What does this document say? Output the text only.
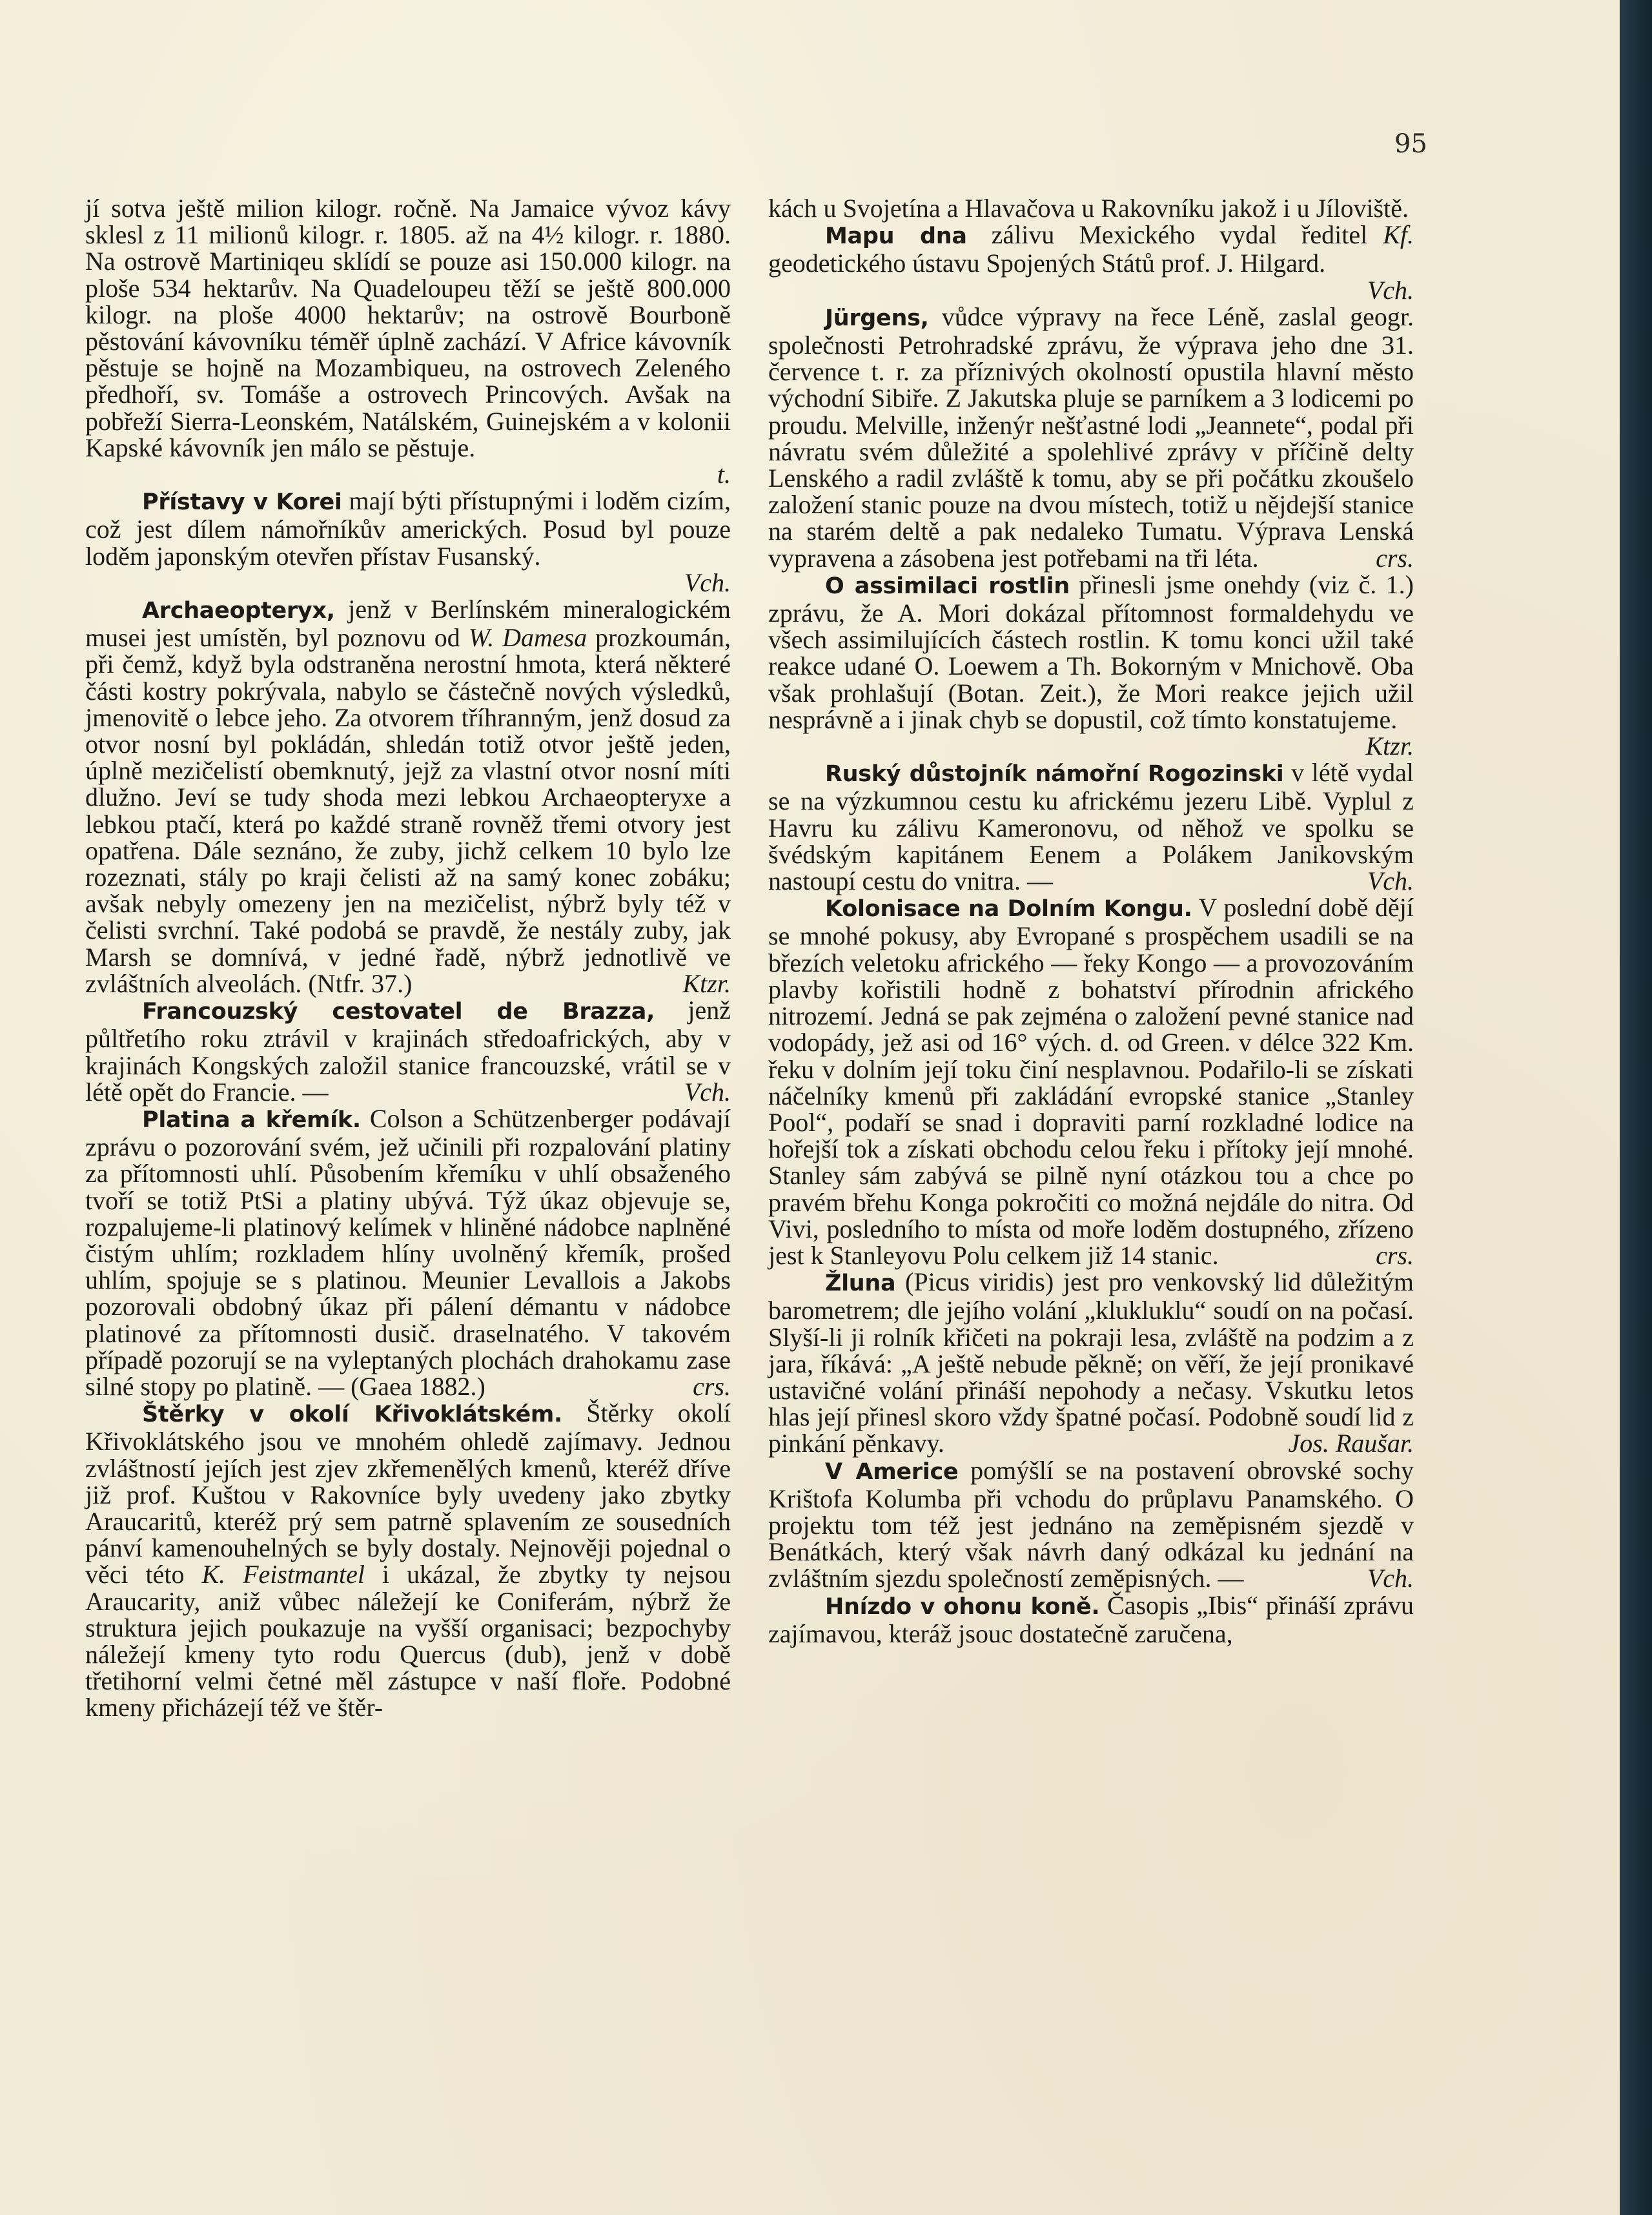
95

jí sotva ještě milion kilogr. ročně. Na Jamaice vývoz kávy sklesl z 11 milionů kilogr. r. 1805. až na 4½ kilogr. r. 1880. Na ostrově Martiniqeu sklídí se pouze asi 150.000 kilogr. na ploše 534 hektarův. Na Quadeloupeu těží se ještě 800.000 kilogr. na ploše 4000 hektarův; na ostrově Bourboně pěstování kávovníku téměř úplně zachází. V Africe kávovník pěstuje se hojně na Mozambiqueu, na ostrovech Zeleného předhoří, sv. Tomáše a ostrovech Princových. Avšak na pobřeží Sierra-Leonském, Natálském, Guinejském a v kolonii Kapské kávovník jen málo se pěstuje.

t.

Přístavy v Korei mají býti přístupnými i loděm cizím, což jest dílem námořníkův amerických. Posud byl pouze loděm japonským otevřen přístav Fusanský.

Vch.

Archaeopteryx, jenž v Berlínském mineralogickém musei jest umístěn, byl poznovu od W. Damesa prozkoumán, při čemž, když byla odstraněna nerostní hmota, která některé části kostry pokrývala, nabylo se částečně nových výsledků, jmenovitě o lebce jeho. Za otvorem tříhranným, jenž dosud za otvor nosní byl pokládán, shledán totiž otvor ještě jeden, úplně mezičelistí obemknutý, jejž za vlastní otvor nosní míti dlužno. Jeví se tudy shoda mezi lebkou Archaeopteryxe a lebkou ptačí, která po každé straně rovněž třemi otvory jest opatřena. Dále seznáno, že zuby, jichž celkem 10 bylo lze rozeznati, stály po kraji čelisti až na samý konec zobáku; avšak nebyly omezeny jen na mezičelist, nýbrž byly též v čelisti svrchní. Také podobá se pravdě, že nestály zuby, jak Marsh se domnívá, v jedné řadě, nýbrž jednotlivě ve zvláštních alveolách. (Ntfr. 37.)	Ktzr.

Francouzský cestovatel de Brazza, jenž půltřetího roku ztrávil v krajinách středoafrických, aby v krajinách Kongských založil stanice francouzské, vrátil se v létě opět do Francie. —	Vch.

Platina a křemík. Colson a Schützenberger podávají zprávu o pozorování svém, jež učinili při rozpalování platiny za přítomnosti uhlí. Působením křemíku v uhlí obsaženého tvoří se totiž PtSi a platiny ubývá. Týž úkaz objevuje se, rozpalujeme-li platinový kelímek v hliněné nádobce naplněné čistým uhlím; rozkladem hlíny uvolněný křemík, prošed uhlím, spojuje se s platinou. Meunier Levallois a Jakobs pozorovali obdobný úkaz při pálení démantu v nádobce platinové za přítomnosti dusič. draselnatého. V takovém případě pozorují se na vyleptaných plochách drahokamu zase silné stopy po platině. — (Gaea 1882.)	crs.

Štěrky v okolí Křivoklátském. Štěrky okolí Křivoklátského jsou ve mnohém ohledě zajímavy. Jednou zvláštností jejích jest zjev zkřemenělých kmenů, kteréž dříve již prof. Kuštou v Rakovníce byly uvedeny jako zbytky Araucaritů, kteréž prý sem patrně splavením ze sousedních pánví kamenouhelných se byly dostaly. Nejnověji pojednal o věci této K. Feistmantel i ukázal, že zbytky ty nejsou Araucarity, aniž vůbec náležejí ke Coniferám, nýbrž že struktura jejich poukazuje na vyšší organisaci; bezpochyby náležejí kmeny tyto rodu Quercus (dub), jenž v době třetihorní velmi četné měl zástupce v naší floře. Podobné kmeny přicházejí též ve štěr-

kách u Svojetína a Hlavačova u Rakovníku jakož i u Jíloviště.
Kf.

Mapu dna zálivu Mexického vydal ředitel geodetického ústavu Spojených Států prof. J. Hilgard.

Vch.

Jürgens, vůdce výpravy na řece Léně, zaslal geogr. společnosti Petrohradské zprávu, že výprava jeho dne 31. července t. r. za příznivých okolností opustila hlavní město východní Sibiře. Z Jakutska pluje se parníkem a 3 lodicemi po proudu. Melville, inženýr nešťastné lodi „Jeannete“, podal při návratu svém důležité a spolehlivé zprávy v příčině delty Lenského a radil zvláště k tomu, aby se při počátku zkoušelo založení stanic pouze na dvou místech, totiž u nějdejší stanice na starém deltě a pak nedaleko Tumatu. Výprava Lenská vypravena a zásobena jest potřebami na tři léta.	crs.

O assimilaci rostlin přinesli jsme onehdy (viz č. 1.) zprávu, že A. Mori dokázal přítomnost formaldehydu ve všech assimilujících částech rostlin. K tomu konci užil také reakce udané O. Loewem a Th. Bokorným v Mnichově. Oba však prohlašují (Botan. Zeit.), že Mori reakce jejich užil nesprávně a i jinak chyb se dopustil, což tímto konstatujeme.

Ktzr.

Ruský důstojník námořní Rogozinski v létě vydal se na výzkumnou cestu ku africkému jezeru Libě. Vyplul z Havru ku zálivu Kameronovu, od něhož ve spolku se švédským kapitánem Eenem a Polákem Janikovským nastoupí cestu do vnitra. —	Vch.

Kolonisace na Dolním Kongu. V poslední době dějí se mnohé pokusy, aby Evropané s prospěchem usadili se na březích veletoku afrického — řeky Kongo — a provozováním plavby kořistili hodně z bohatství přírodnin afrického nitrozemí. Jedná se pak zejména o založení pevné stanice nad vodopády, jež asi od 16° vých. d. od Green. v délce 322 Km. řeku v dolním její toku činí nesplavnou. Podařilo-li se získati náčelníky kmenů při zakládání evropské stanice „Stanley Pool“, podaří se snad i dopraviti parní rozkladné lodice na hořejší tok a získati obchodu celou řeku i přítoky její mnohé. Stanley sám zabývá se pilně nyní otázkou tou a chce po pravém břehu Konga pokročiti co možná nejdále do nitra. Od Vivi, posledního to místa od moře loděm dostupného, zřízeno jest k Stanleyovu Polu celkem již 14 stanic.	crs.

Žluna (Picus viridis) jest pro venkovský lid důležitým barometrem; dle jejího volání „klukluklu“ soudí on na počasí. Slyší-li ji rolník křičeti na pokraji lesa, zvláště na podzim a z jara, říkává: „A ještě nebude pěkně; on věří, že její pronikavé ustavičné volání přináší nepohody a nečasy. Vskutku letos hlas její přinesl skoro vždy špatné počasí. Podobně soudí lid z pinkání pěnkavy.	Jos. Raušar.

V Americe pomýšlí se na postavení obrovské sochy Krištofa Kolumba při vchodu do průplavu Panamského. O projektu tom též jest jednáno na zeměpisném sjezdě v Benátkách, který však návrh daný odkázal ku jednání na zvláštním sjezdu společností zeměpisných. —	Vch.

Hnízdo v ohonu koně. Časopis „Ibis“ přináší zprávu zajímavou, kteráž jsouc dostatečně zaručena,
